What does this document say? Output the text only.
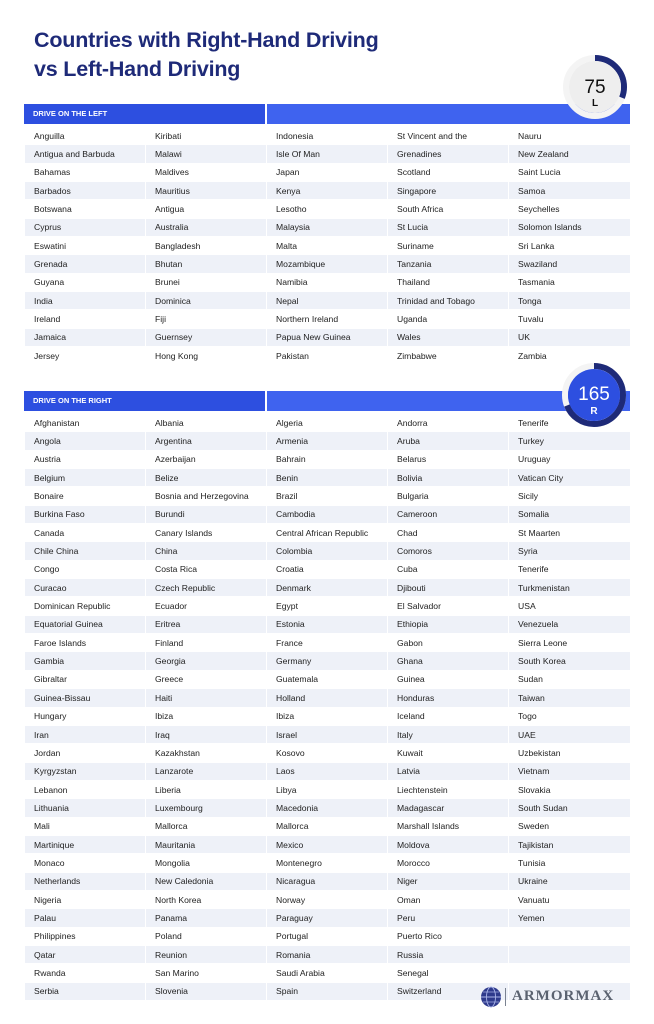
Countries with Right-Hand Driving
vs Left-Hand Driving
DRIVE ON THE LEFT
Anguilla	Kiribati	Indonesia	St Vincent and the	Nauru
Antigua and Barbuda	Malawi	Isle Of Man	Grenadines	New Zealand
Bahamas	Maldives	Japan	Scotland	Saint Lucia
Barbados	Mauritius	Kenya	Singapore	Samoa
Botswana	Antigua	Lesotho	South Africa	Seychelles
Cyprus	Australia	Malaysia	St Lucia	Solomon Islands
Eswatini	Bangladesh	Malta	Suriname	Sri Lanka
Grenada	Bhutan	Mozambique	Tanzania	Swaziland
Guyana	Brunei	Namibia	Thailand	Tasmania
India	Dominica	Nepal	Trinidad and Tobago	Tonga
Ireland	Fiji	Northern Ireland	Uganda	Tuvalu
Jamaica	Guernsey	Papua New Guinea	Wales	UK
Jersey	Hong Kong	Pakistan	Zimbabwe	Zambia
75
L
DRIVE ON THE RIGHT
Afghanistan	Albania	Algeria	Andorra	Tenerife
Angola	Argentina	Armenia	Aruba	Turkey
Austria	Azerbaijan	Bahrain	Belarus	Uruguay
Belgium	Belize	Benin	Bolivia	Vatican City
Bonaire	Bosnia and Herzegovina	Brazil	Bulgaria	Sicily
Burkina Faso	Burundi	Cambodia	Cameroon	Somalia
Canada	Canary Islands	Central African Republic	Chad	St Maarten
Chile China	China	Colombia	Comoros	Syria
Congo	Costa Rica	Croatia	Cuba	Tenerife
Curacao	Czech Republic	Denmark	Djibouti	Turkmenistan
Dominican Republic	Ecuador	Egypt	El Salvador	USA
Equatorial Guinea	Eritrea	Estonia	Ethiopia	Venezuela
Faroe Islands	Finland	France	Gabon	Sierra Leone
Gambia	Georgia	Germany	Ghana	South Korea
Gibraltar	Greece	Guatemala	Guinea	Sudan
Guinea-Bissau	Haiti	Holland	Honduras	Taiwan
Hungary	Ibiza	Ibiza	Iceland	Togo
Iran	Iraq	Israel	Italy	UAE
Jordan	Kazakhstan	Kosovo	Kuwait	Uzbekistan
Kyrgyzstan	Lanzarote	Laos	Latvia	Vietnam
Lebanon	Liberia	Libya	Liechtenstein	Slovakia
Lithuania	Luxembourg	Macedonia	Madagascar	South Sudan
Mali	Mallorca	Mallorca	Marshall Islands	Sweden
Martinique	Mauritania	Mexico	Moldova	Tajikistan
Monaco	Mongolia	Montenegro	Morocco	Tunisia
Netherlands	New Caledonia	Nicaragua	Niger	Ukraine
Nigeria	North Korea	Norway	Oman	Vanuatu
Palau	Panama	Paraguay	Peru	Yemen
Philippines	Poland	Portugal	Puerto Rico	
Qatar	Reunion	Romania	Russia	
Rwanda	San Marino	Saudi Arabia	Senegal	
Serbia	Slovenia	Spain	Switzerland	
165
R
ARMORMAX
